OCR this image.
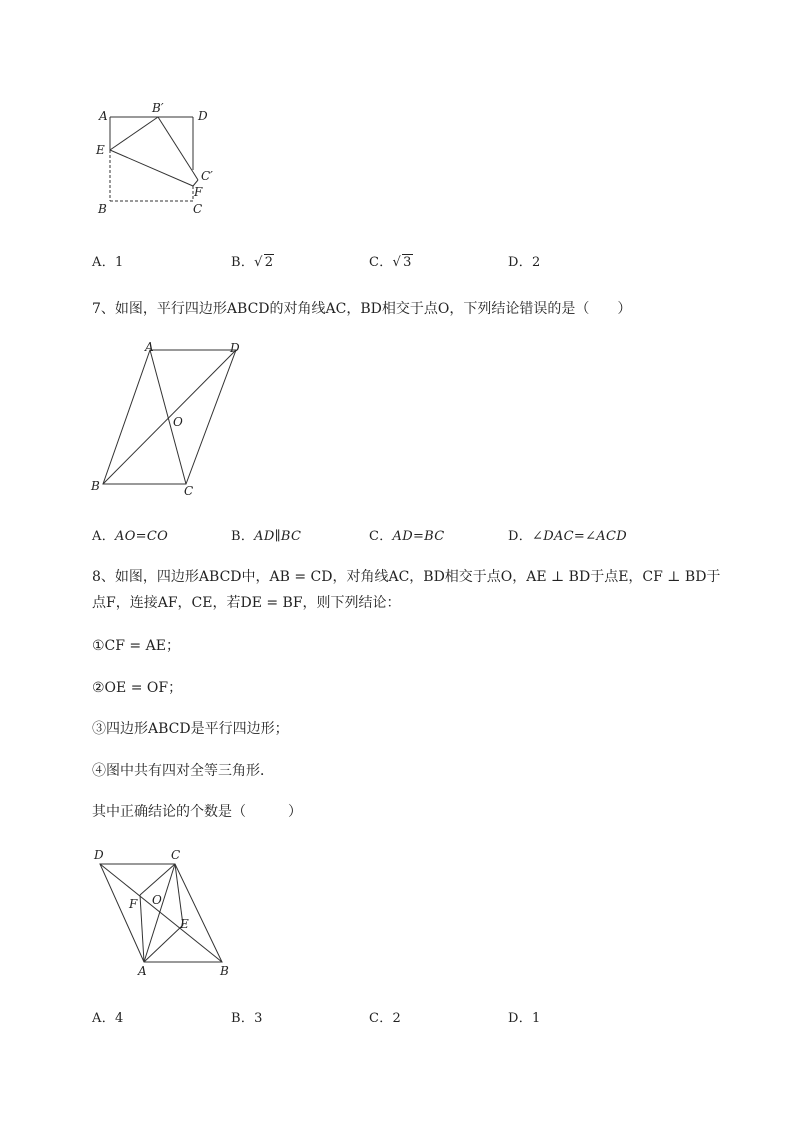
A
B′
D
E
C′
F
B	C
A．1	B．√ 2	C．√ 3	D．2
7、如图，平行四边形ABCD的对角线AC，BD相交于点O，下列结论错误的是（　　）
A	D
O
B	C
A．AO=CO	B．AD∥BC	C．AD=BC	D．∠DAC=∠ACD
8、如图，四边形ABCD中，AB = CD，对角线AC，BD相交于点O，AE ⊥ BD于点E，CF ⊥ BD于
点F，连接AF，CE，若DE = BF，则下列结论：
①CF = AE；
②OE = OF；
③四边形ABCD是平行四边形；
④图中共有四对全等三角形．
其中正确结论的个数是（　　　）
D	C
F O
E
A	B
A．4	B．3	C．2	D．1
